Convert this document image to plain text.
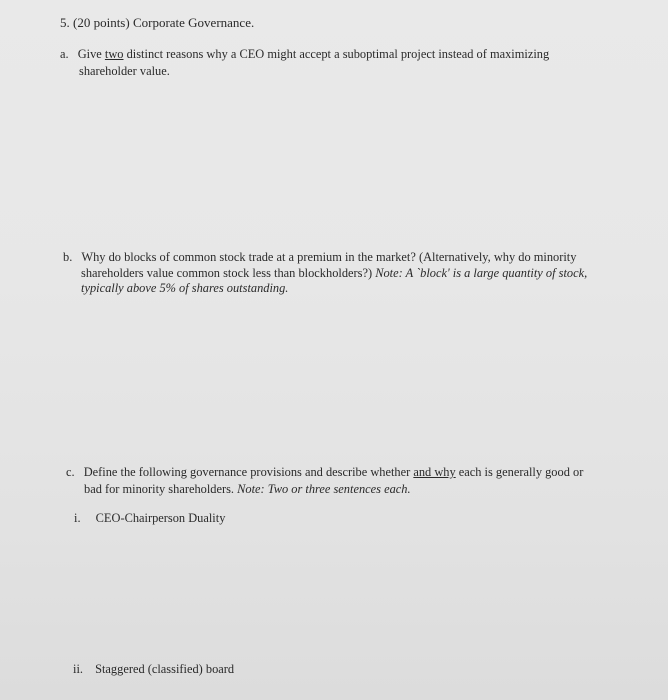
5. (20 points) Corporate Governance.
a. Give two distinct reasons why a CEO might accept a suboptimal project instead of maximizing
shareholder value.
b. Why do blocks of common stock trade at a premium in the market? (Alternatively, why do minority
shareholders value common stock less than blockholders?) Note: A `block' is a large quantity of stock,
typically above 5% of shares outstanding.
c. Define the following governance provisions and describe whether and why each is generally good or
bad for minority shareholders. Note: Two or three sentences each.
i. CEO-Chairperson Duality
ii. Staggered (classified) board
